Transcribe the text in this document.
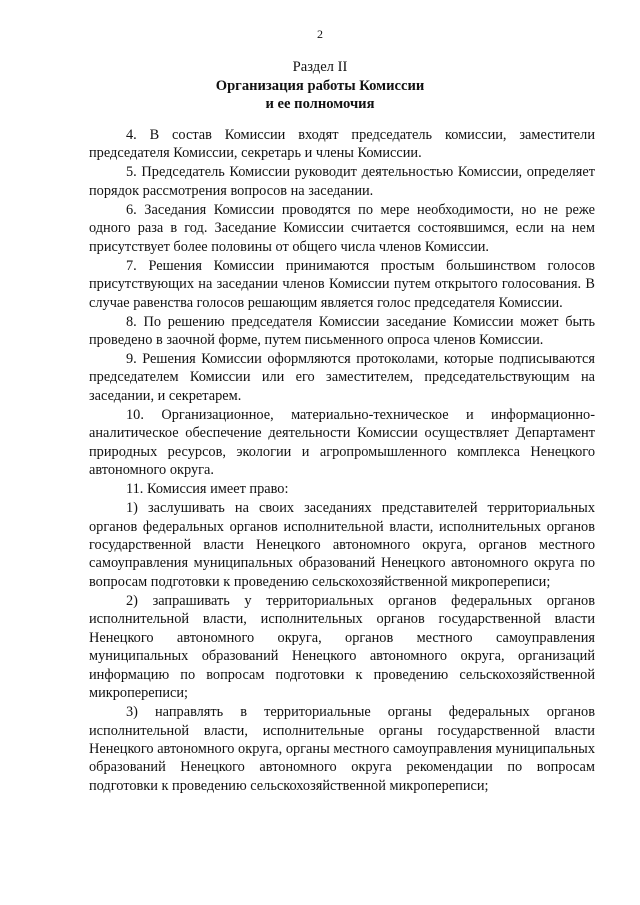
2
Раздел II
Организация работы Комиссии
и ее полномочия

4. В состав Комиссии входят председатель комиссии, заместители председателя Комиссии, секретарь и члены Комиссии.

5. Председатель Комиссии руководит деятельностью Комиссии, определяет порядок рассмотрения вопросов на заседании.

6. Заседания Комиссии проводятся по мере необходимости, но не реже одного раза в год. Заседание Комиссии считается состоявшимся, если на нем присутствует более половины от общего числа членов Комиссии.

7. Решения Комиссии принимаются простым большинством голосов присутствующих на заседании членов Комиссии путем открытого голосования. В случае равенства голосов решающим является голос председателя Комиссии.

8. По решению председателя Комиссии заседание Комиссии может быть проведено в заочной форме, путем письменного опроса членов Комиссии.

9. Решения Комиссии оформляются протоколами, которые подписываются председателем Комиссии или его заместителем, председательствующим на заседании, и секретарем.

10. Организационное, материально-техническое и информационно-аналитическое обеспечение деятельности Комиссии осуществляет Департамент природных ресурсов, экологии и агропромышленного комплекса Ненецкого автономного округа.

11. Комиссия имеет право:

1) заслушивать на своих заседаниях представителей территориальных органов федеральных органов исполнительной власти, исполнительных органов государственной власти Ненецкого автономного округа, органов местного самоуправления муниципальных образований Ненецкого автономного округа по вопросам подготовки к проведению сельскохозяйственной микропереписи;

2) запрашивать у территориальных органов федеральных органов исполнительной власти, исполнительных органов государственной власти Ненецкого автономного округа, органов местного самоуправления муниципальных образований Ненецкого автономного округа, организаций информацию по вопросам подготовки к проведению сельскохозяйственной микропереписи;

3) направлять в территориальные органы федеральных органов исполнительной власти, исполнительные органы государственной власти Ненецкого автономного округа, органы местного самоуправления муниципальных образований Ненецкого автономного округа рекомендации по вопросам подготовки к проведению сельскохозяйственной микропереписи;
